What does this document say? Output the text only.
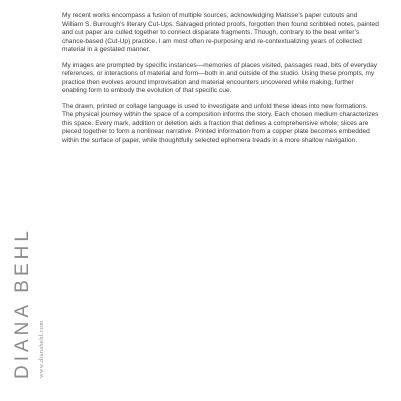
My recent works encompass a fusion of multiple sources, acknowledging Matisse’s paper cutouts and William S. Burrough’s literary Cut-Ups. Salvaged printed proofs, forgotten then found scribbled notes, painted and cut paper are culled together to connect disparate fragments. Though, contrary to the beat writer’s chance-based (Cut-Up) practice, I am most often re-purposing and re-contextualizing years of collected material in a gestated manner.

My images are prompted by specific instances—memories of places visited, passages read, bits of everyday references, or interactions of material and form—both in and outside of the studio. Using these prompts, my practice then evolves around improvisation and material encounters uncovered while making, further enabling form to embody the evolution of that specific cue.

The drawn, printed or collage language is used to investigate and unfold these ideas into new formations. The physical journey within the space of a composition informs the story. Each chosen medium characterizes this space. Every mark, addition or deletion aids a fraction that defines a comprehensive whole; slices are pieced together to form a nonlinear narrative. Printed information from a copper plate becomes embedded within the surface of paper, while thoughtfully selected ephemera treads in a more shallow navigation.

DIANA BEHL www.dianabehl.com
